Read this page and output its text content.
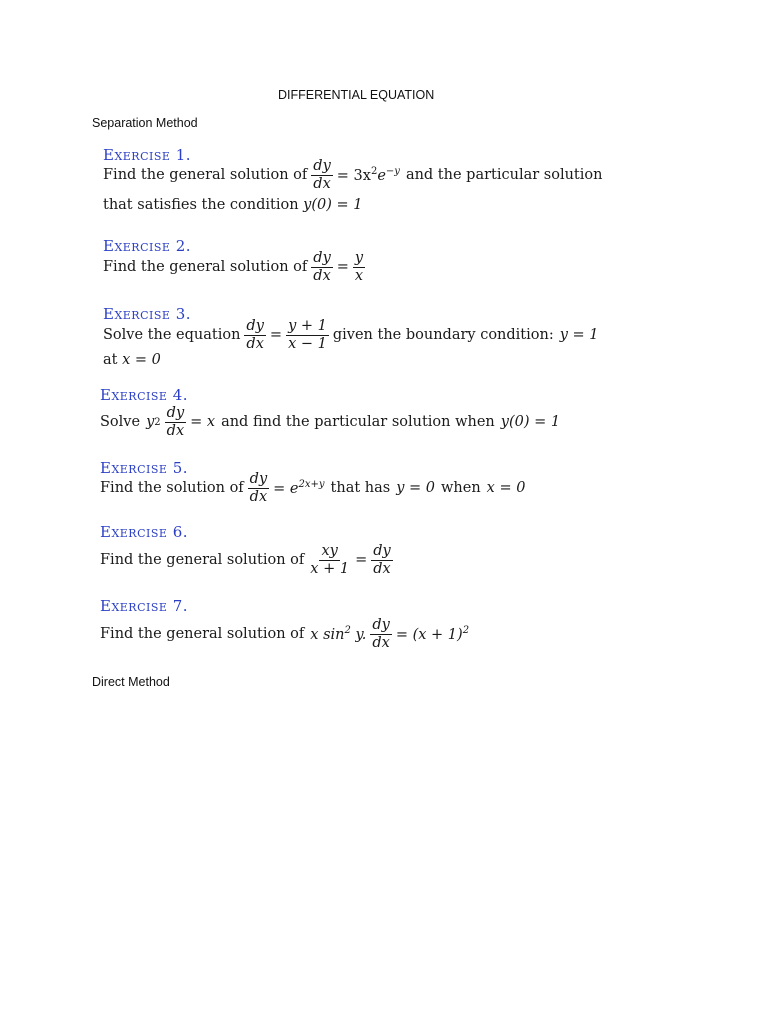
DIFFERENTIAL EQUATION
Separation Method
Exercise 1.
Find the general solution of $\frac{dy}{dx} = 3x^2e^{-y}$ and the particular solution
that satisfies the condition y(0) = 1
Exercise 2.
Find the general solution of $\frac{dy}{dx} = \frac{y}{x}$
Exercise 3.
Solve the equation $\frac{dy}{dx} = \frac{y + 1}{x - 1}$ given the boundary condition: y = 1
at x = 0
Exercise 4.
Solve y $2 \frac{dy}{dx} = x$ and find the particular solution when y(0) = 1
Exercise 5.
Find the solution of $\frac{dy}{dx} = e^{2x+y}$ that has y = 0 when x = 0
Exercise 6.
Find the general solution of $\frac{xy}{x + 1} = \frac{dy}{dx}$
Exercise 7.
Find the general solution of x $\sin^2 y$. $\frac{dy}{dx} = (x + 1)^2$
Direct Method
